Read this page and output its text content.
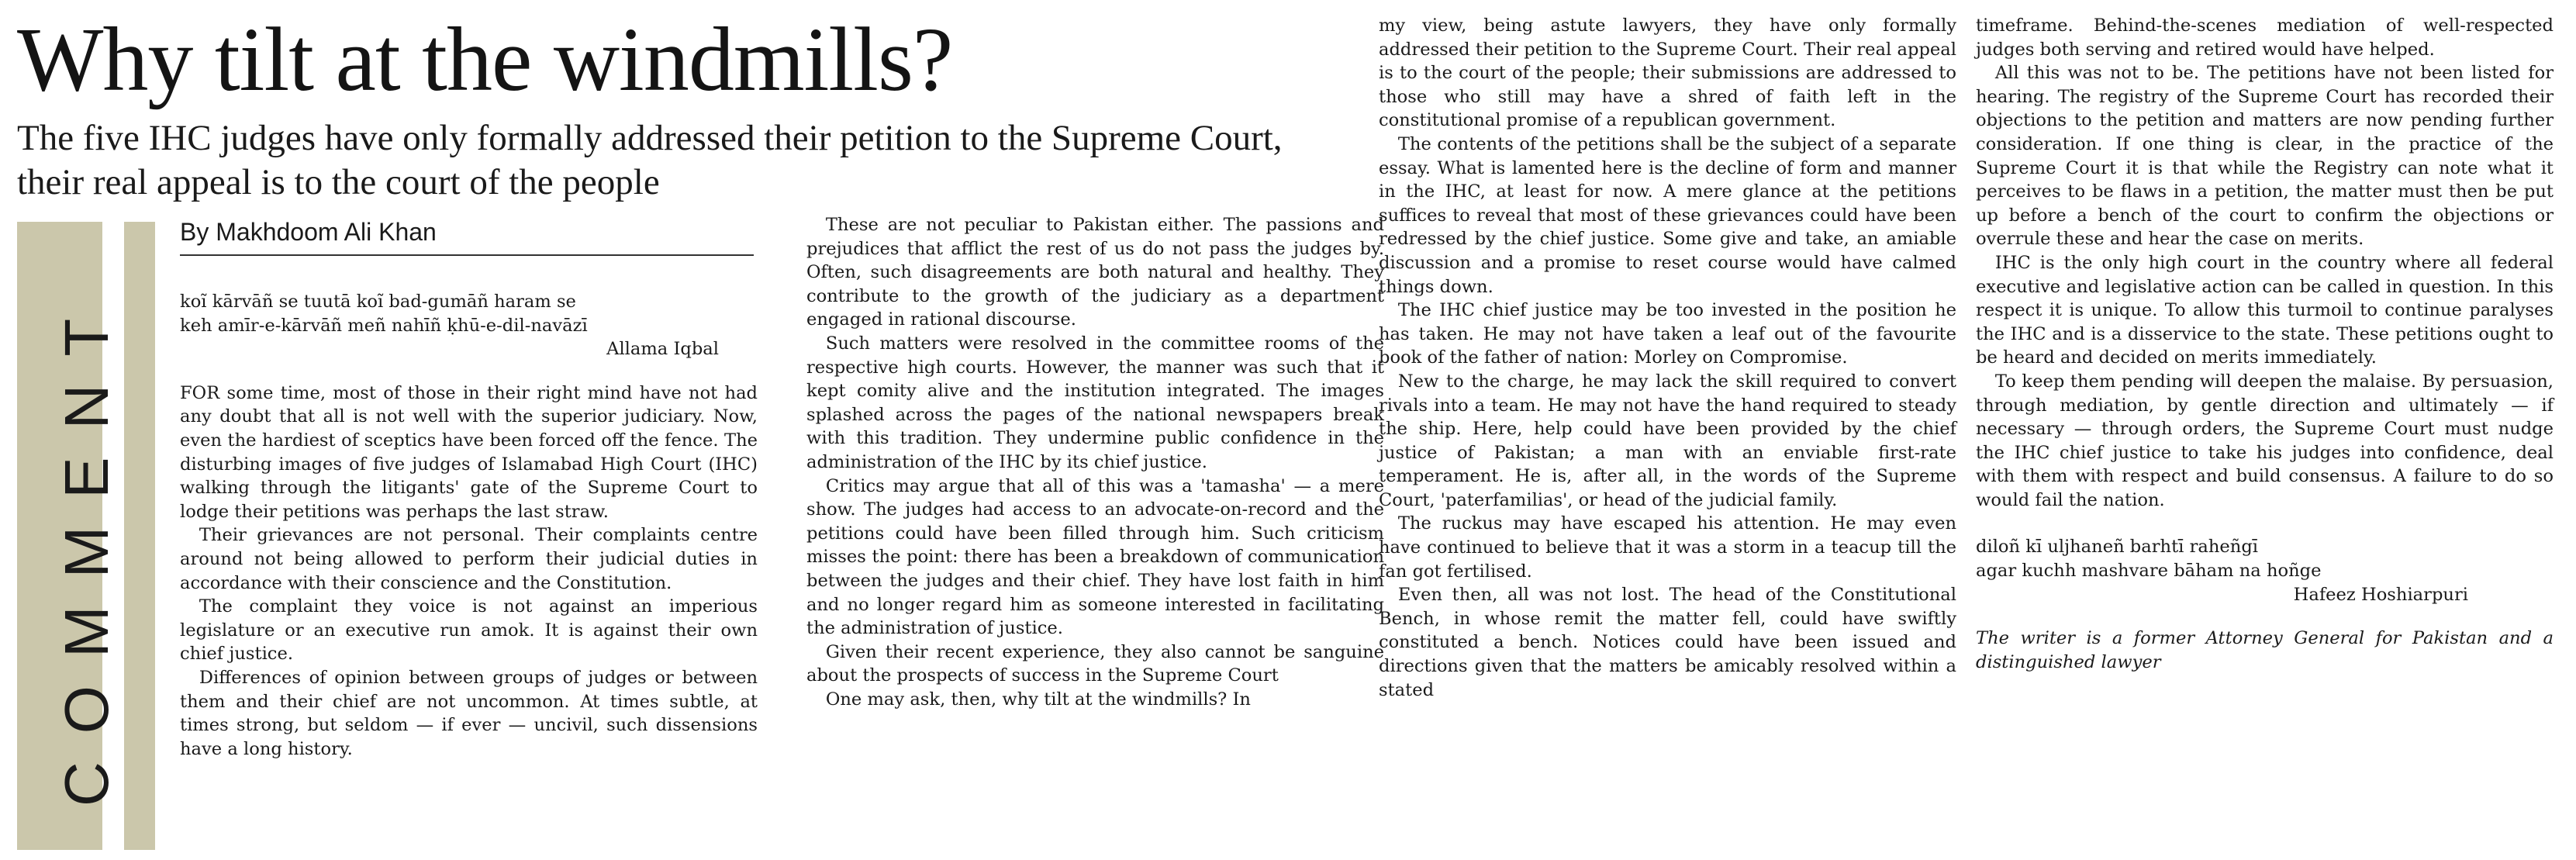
Why tilt at the windmills?

The five IHC judges have only formally addressed their petition to the Supreme Court, their real appeal is to the court of the people

COMMENT
By Makhdoom Ali Khan
koĩ kārvāñ se tuutā koĩ bad-gumāñ haram se
keh amīr-e-kārvāñ meñ nahīñ ḳhū-e-dil-navāzī
Allama Iqbal

FOR some time, most of those in their right mind have not had any doubt that all is not well with the superior judiciary. Now, even the hardiest of sceptics have been forced off the fence. The disturbing images of five judges of Islamabad High Court (IHC) walking through the litigants' gate of the Supreme Court to lodge their petitions was perhaps the last straw.

Their grievances are not personal. Their complaints centre around not being allowed to perform their judicial duties in accordance with their conscience and the Constitution.

The complaint they voice is not against an imperious legislature or an executive run amok. It is against their own chief justice.

Differences of opinion between groups of judges or between them and their chief are not uncommon. At times subtle, at times strong, but seldom — if ever — uncivil, such dissensions have a long history.

These are not peculiar to Pakistan either. The passions and prejudices that afflict the rest of us do not pass the judges by. Often, such disagreements are both natural and healthy. They contribute to the growth of the judiciary as a department engaged in rational discourse.

Such matters were resolved in the committee rooms of the respective high courts. However, the manner was such that it kept comity alive and the institution integrated. The images splashed across the pages of the national newspapers break with this tradition. They undermine public confidence in the administration of the IHC by its chief justice.

Critics may argue that all of this was a 'tamasha' — a mere show. The judges had access to an advocate-on-record and the petitions could have been filled through him. Such criticism misses the point: there has been a breakdown of communication between the judges and their chief. They have lost faith in him and no longer regard him as someone interested in facilitating the administration of justice.

Given their recent experience, they also cannot be sanguine about the prospects of success in the Supreme Court

One may ask, then, why tilt at the windmills? In

my view, being astute lawyers, they have only formally addressed their petition to the Supreme Court. Their real appeal is to the court of the people; their submissions are addressed to those who still may have a shred of faith left in the constitutional promise of a republican government.

The contents of the petitions shall be the subject of a separate essay. What is lamented here is the decline of form and manner in the IHC, at least for now. A mere glance at the petitions suffices to reveal that most of these grievances could have been redressed by the chief justice. Some give and take, an amiable discussion and a promise to reset course would have calmed things down.

The IHC chief justice may be too invested in the position he has taken. He may not have taken a leaf out of the favourite book of the father of nation: Morley on Compromise.

New to the charge, he may lack the skill required to convert rivals into a team. He may not have the hand required to steady the ship. Here, help could have been provided by the chief justice of Pakistan; a man with an enviable first-rate temperament. He is, after all, in the words of the Supreme Court, 'paterfamilias', or head of the judicial family.

The ruckus may have escaped his attention. He may even have continued to believe that it was a storm in a teacup till the fan got fertilised.

Even then, all was not lost. The head of the Constitutional Bench, in whose remit the matter fell, could have swiftly constituted a bench. Notices could have been issued and directions given that the matters be amicably resolved within a stated

timeframe. Behind-the-scenes mediation of well-respected judges both serving and retired would have helped.

All this was not to be. The petitions have not been listed for hearing. The registry of the Supreme Court has recorded their objections to the petition and matters are now pending further consideration. If one thing is clear, in the practice of the Supreme Court it is that while the Registry can note what it perceives to be flaws in a petition, the matter must then be put up before a bench of the court to confirm the objections or overrule these and hear the case on merits.

IHC is the only high court in the country where all federal executive and legislative action can be called in question. In this respect it is unique. To allow this turmoil to continue paralyses the IHC and is a disservice to the state. These petitions ought to be heard and decided on merits immediately.

To keep them pending will deepen the malaise. By persuasion, through mediation, by gentle direction and ultimately — if necessary — through orders, the Supreme Court must nudge the IHC chief justice to take his judges into confidence, deal with them with respect and build consensus. A failure to do so would fail the nation.

diloñ kī uljhaneñ barhtī raheñgī
agar kuchh mashvare bāham na hoñge
Hafeez Hoshiarpuri
The writer is a former Attorney General for Pakistan and a distinguished lawyer
